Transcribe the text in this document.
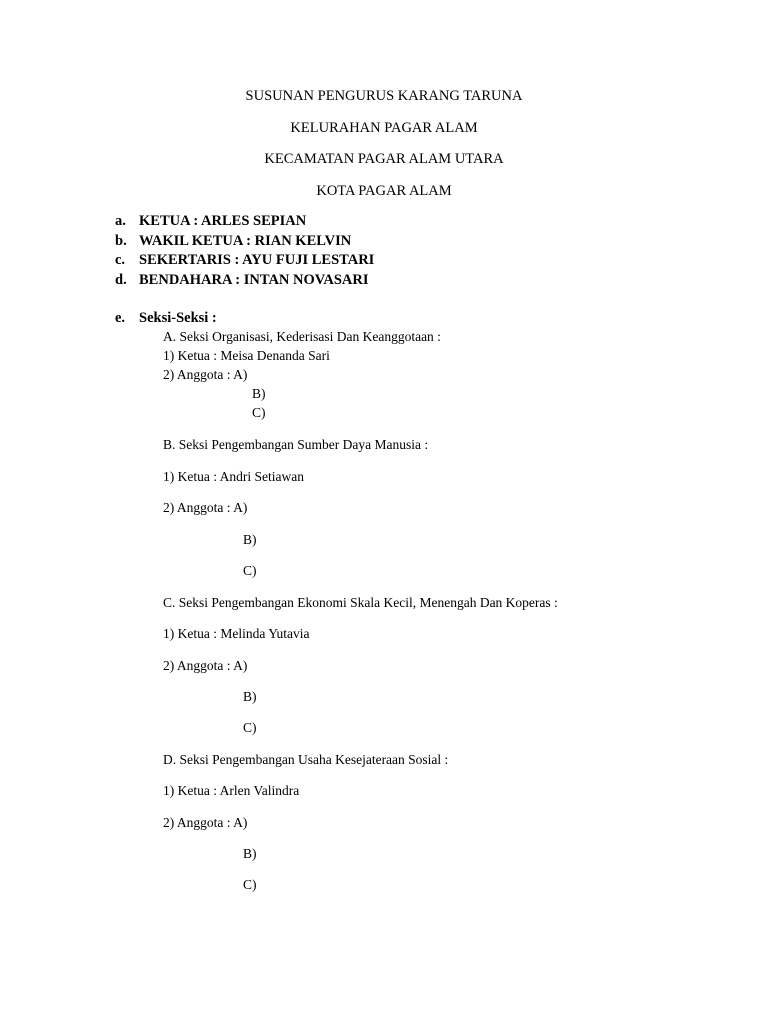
SUSUNAN PENGURUS KARANG TARUNA
KELURAHAN PAGAR ALAM
KECAMATAN PAGAR ALAM UTARA
KOTA PAGAR ALAM
a. KETUA : ARLES SEPIAN
b. WAKIL KETUA : RIAN KELVIN
c. SEKERTARIS : AYU FUJI LESTARI
d. BENDAHARA : INTAN NOVASARI
e. Seksi-Seksi :
A. Seksi Organisasi, Kederisasi Dan Keanggotaan :
1) Ketua : Meisa Denanda Sari
2) Anggota : A)
B)
C)
B. Seksi Pengembangan Sumber Daya Manusia :
1) Ketua : Andri Setiawan
2) Anggota : A)
B)
C)
C. Seksi Pengembangan Ekonomi Skala Kecil, Menengah Dan Koperas :
1) Ketua : Melinda Yutavia
2) Anggota : A)
B)
C)
D. Seksi Pengembangan Usaha Kesejateraan Sosial :
1) Ketua : Arlen Valindra
2) Anggota : A)
B)
C)
